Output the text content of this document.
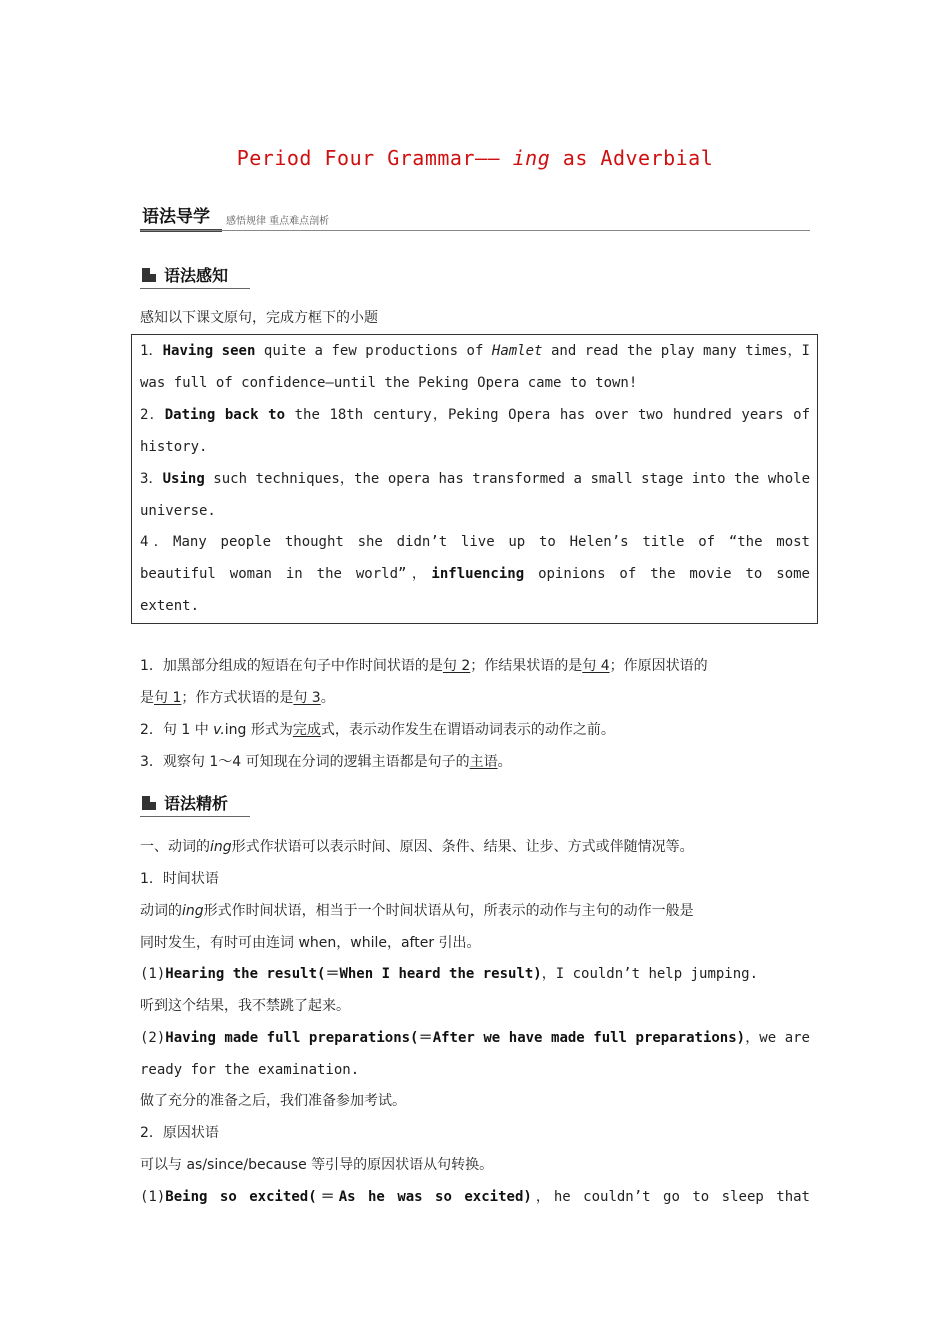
Period Four Grammar—— ing as Adverbial
语法导学 感悟规律 重点难点剖析
语法感知
感知以下课文原句，完成方框下的小题
1．Having seen quite a few productions of Hamlet and read the play many times，I
was full of confidence—until the Peking Opera came to town!
2．Dating back to the 18th century，Peking Opera has over two hundred years of
history.
3．Using such techniques，the opera has transformed a small stage into the whole
universe.
4．Many people thought she didn’t live up to Helen’s title of “the most
beautiful woman in the world”，influencing opinions of the movie to some
extent.
1．加黑部分组成的短语在句子中作时间状语的是句 2；作结果状语的是句 4；作原因状语的
是句 1；作方式状语的是句 3。
2．句 1 中 v.ing 形式为完成式，表示动作发生在谓语动词表示的动作之前。
3．观察句 1～4 可知现在分词的逻辑主语都是句子的主语。
语法精析
一、动词的ing形式作状语可以表示时间、原因、条件、结果、让步、方式或伴随情况等。
1．时间状语
动词的ing形式作时间状语，相当于一个时间状语从句，所表示的动作与主句的动作一般是
同时发生，有时可由连词 when，while，after 引出。
(1)Hearing the result(＝When I heard the result)，I couldn’t help jumping.
听到这个结果，我不禁跳了起来。
(2)Having made full preparations(＝After we have made full preparations)，we are
ready for the examination.
做了充分的准备之后，我们准备参加考试。
2．原因状语
可以与 as/since/because 等引导的原因状语从句转换。
(1)Being so excited(＝As he was so excited)，he couldn’t go to sleep that
